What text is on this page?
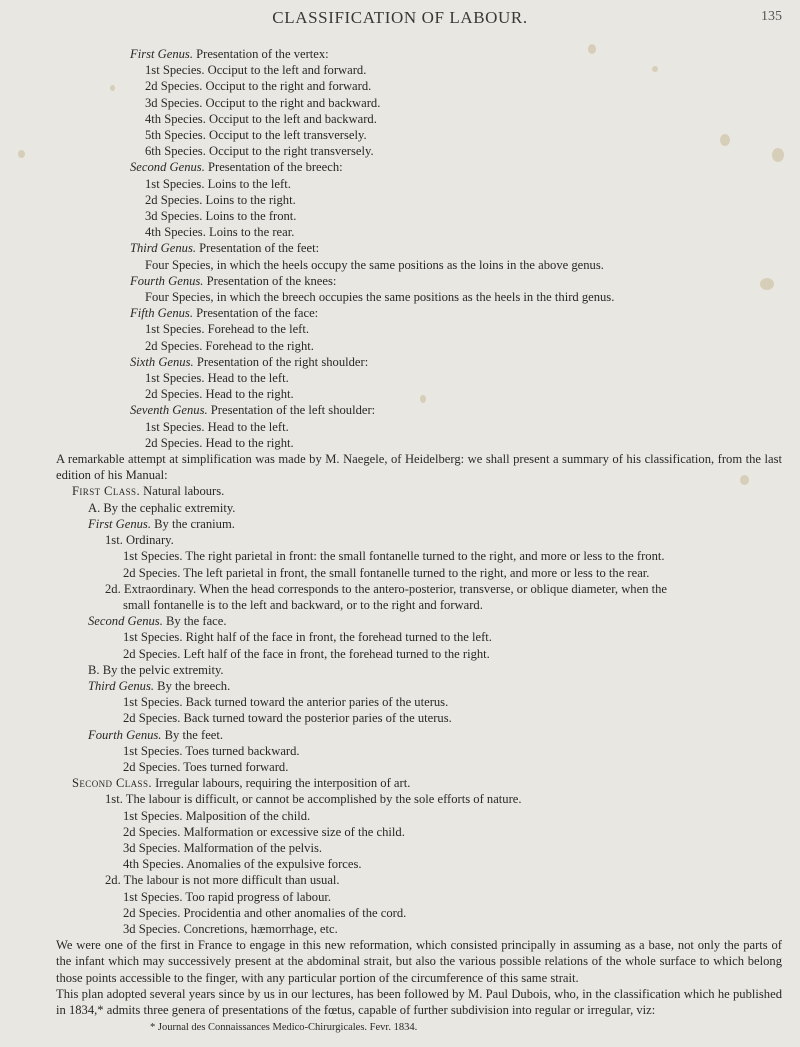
CLASSIFICATION OF LABOUR.	135
First Genus. Presentation of the vertex:
1st Species. Occiput to the left and forward.
2d Species. Occiput to the right and forward.
3d Species. Occiput to the right and backward.
4th Species. Occiput to the left and backward.
5th Species. Occiput to the left transversely.
6th Species. Occiput to the right transversely.
Second Genus. Presentation of the breech:
1st Species. Loins to the left.
2d Species. Loins to the right.
3d Species. Loins to the front.
4th Species. Loins to the rear.
Third Genus. Presentation of the feet:
Four Species, in which the heels occupy the same positions as the loins in the above genus.
Fourth Genus. Presentation of the knees:
Four Species, in which the breech occupies the same positions as the heels in the third genus.
Fifth Genus. Presentation of the face:
1st Species. Forehead to the left.
2d Species. Forehead to the right.
Sixth Genus. Presentation of the right shoulder:
1st Species. Head to the left.
2d Species. Head to the right.
Seventh Genus. Presentation of the left shoulder:
1st Species. Head to the left.
2d Species. Head to the right.
A remarkable attempt at simplification was made by M. Naegele, of Heidelberg: we shall present a summary of his classification, from the last edition of his Manual:
First Class. Natural labours.
A. By the cephalic extremity.
First Genus. By the cranium.
1st. Ordinary.
1st Species. The right parietal in front: the small fontanelle turned to the right, and more or less to the front.
2d Species. The left parietal in front, the small fontanelle turned to the right, and more or less to the rear.
2d. Extraordinary. When the head corresponds to the antero-posterior, transverse, or oblique diameter, when the
small fontanelle is to the left and backward, or to the right and forward.
Second Genus. By the face.
1st Species. Right half of the face in front, the forehead turned to the left.
2d Species. Left half of the face in front, the forehead turned to the right.
B. By the pelvic extremity.
Third Genus. By the breech.
1st Species. Back turned toward the anterior paries of the uterus.
2d Species. Back turned toward the posterior paries of the uterus.
Fourth Genus. By the feet.
1st Species. Toes turned backward.
2d Species. Toes turned forward.
Second Class. Irregular labours, requiring the interposition of art.
1st. The labour is difficult, or cannot be accomplished by the sole efforts of nature.
1st Species. Malposition of the child.
2d Species. Malformation or excessive size of the child.
3d Species. Malformation of the pelvis.
4th Species. Anomalies of the expulsive forces.
2d. The labour is not more difficult than usual.
1st Species. Too rapid progress of labour.
2d Species. Procidentia and other anomalies of the cord.
3d Species. Concretions, hæmorrhage, etc.
We were one of the first in France to engage in this new reformation, which consisted principally in assuming as a base, not only the parts of the infant which may successively present at the abdominal strait, but also the various possible relations of the whole surface to which belong those points accessible to the finger, with any particular portion of the circumference of this same strait.
This plan adopted several years since by us in our lectures, has been followed by M. Paul Dubois, who, in the classification which he published in 1834,* admits three genera of presentations of the fœtus, capable of further subdivision into regular or irregular, viz:
* Journal des Connaissances Medico-Chirurgicales. Fevr. 1834.
